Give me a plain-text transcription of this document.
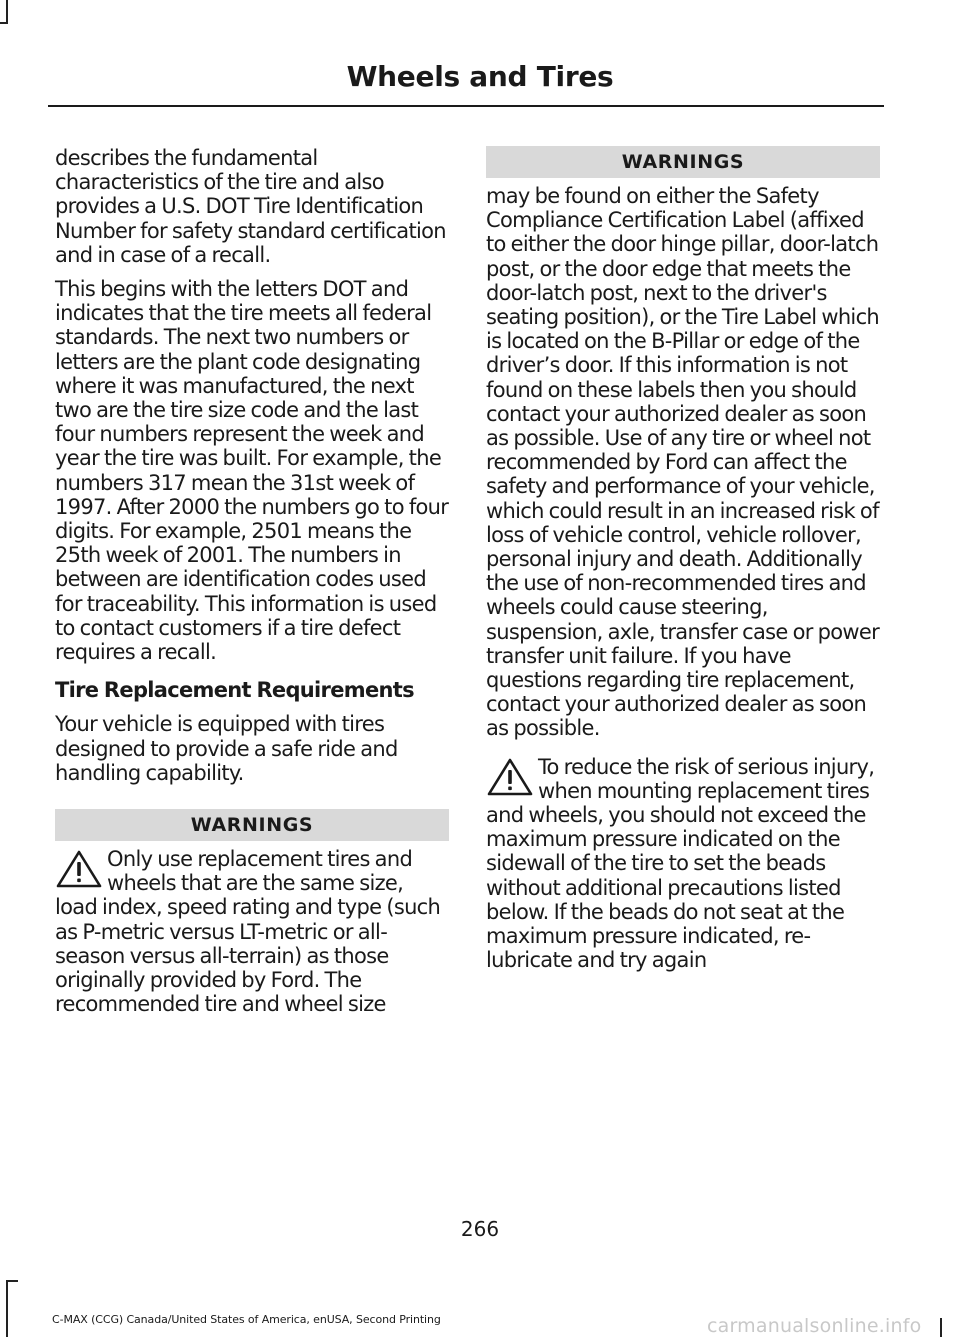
Wheels and Tires

describes the fundamental characteristics of the tire and also provides a U.S. DOT Tire Identification Number for safety standard certification and in case of a recall.

This begins with the letters DOT and indicates that the tire meets all federal standards. The next two numbers or letters are the plant code designating where it was manufactured, the next two are the tire size code and the last four numbers represent the week and year the tire was built. For example, the numbers 317 mean the 31st week of 1997. After 2000 the numbers go to four digits. For example, 2501 means the 25th week of 2001. The numbers in between are identification codes used for traceability. This information is used to contact customers if a tire defect requires a recall.

Tire Replacement Requirements

Your vehicle is equipped with tires designed to provide a safe ride and handling capability.

WARNINGS

Only use replacement tires and wheels that are the same size, load index, speed rating and type (such as P-metric versus LT-metric or all-season versus all-terrain) as those originally provided by Ford. The recommended tire and wheel size

WARNINGS

may be found on either the Safety Compliance Certification Label (affixed to either the door hinge pillar, door-latch post, or the door edge that meets the door-latch post, next to the driver's seating position), or the Tire Label which is located on the B-Pillar or edge of the driver’s door. If this information is not found on these labels then you should contact your authorized dealer as soon as possible. Use of any tire or wheel not recommended by Ford can affect the safety and performance of your vehicle, which could result in an increased risk of loss of vehicle control, vehicle rollover, personal injury and death. Additionally the use of non-recommended tires and wheels could cause steering, suspension, axle, transfer case or power transfer unit failure. If you have questions regarding tire replacement, contact your authorized dealer as soon as possible.

To reduce the risk of serious injury, when mounting replacement tires and wheels, you should not exceed the maximum pressure indicated on the sidewall of the tire to set the beads without additional precautions listed below. If the beads do not seat at the maximum pressure indicated, re-lubricate and try again

266
C-MAX (CCG) Canada/United States of America, enUSA, Second Printing	carmanualsonline.info
